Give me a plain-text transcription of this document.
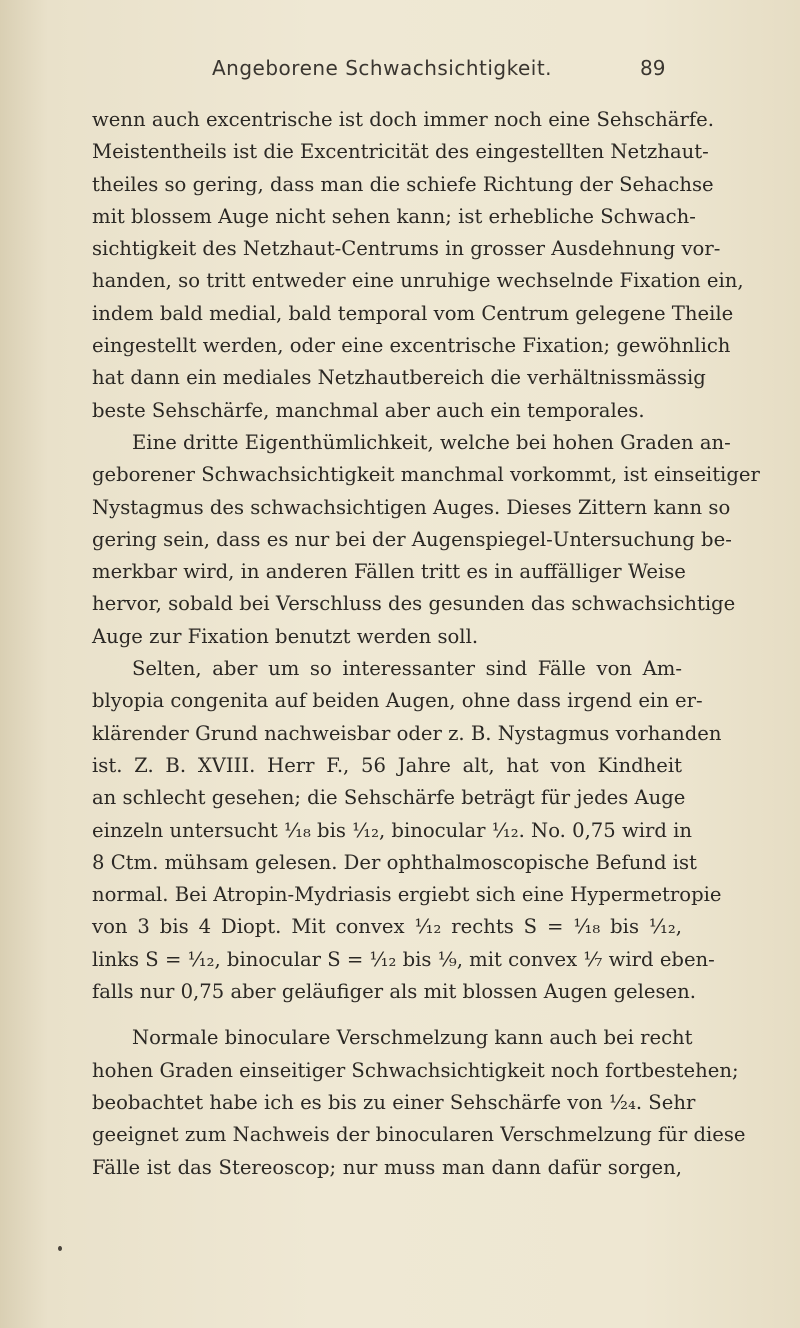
Angeborene Schwachsichtigkeit.	89
wenn auch excentrische ist doch immer noch eine Sehschärfe.
Meistentheils ist die Excentricität des eingestellten Netzhaut-
theiles so gering, dass man die schiefe Richtung der Sehachse
mit blossem Auge nicht sehen kann; ist erhebliche Schwach-
sichtigkeit des Netzhaut-Centrums in grosser Ausdehnung vor-
handen, so tritt entweder eine unruhige wechselnde Fixation ein,
indem bald medial, bald temporal vom Centrum gelegene Theile
eingestellt werden, oder eine excentrische Fixation; gewöhnlich
hat dann ein mediales Netzhautbereich die verhältnissmässig
beste Sehschärfe, manchmal aber auch ein temporales.
Eine dritte Eigenthümlichkeit, welche bei hohen Graden an-
geborener Schwachsichtigkeit manchmal vorkommt, ist einseitiger
Nystagmus des schwachsichtigen Auges. Dieses Zittern kann so
gering sein, dass es nur bei der Augenspiegel-Untersuchung be-
merkbar wird, in anderen Fällen tritt es in auffälliger Weise
hervor, sobald bei Verschluss des gesunden das schwachsichtige
Auge zur Fixation benutzt werden soll.
Selten, aber um so interessanter sind Fälle von Am-
blyopia congenita auf beiden Augen, ohne dass irgend ein er-
klärender Grund nachweisbar oder z. B. Nystagmus vorhanden
ist. Z. B. XVIII. Herr F., 56 Jahre alt, hat von Kindheit
an schlecht gesehen; die Sehschärfe beträgt für jedes Auge
einzeln untersucht ¹⁄₁₈ bis ¹⁄₁₂, binocular ¹⁄₁₂. No. 0,75 wird in
8 Ctm. mühsam gelesen. Der ophthalmoscopische Befund ist
normal. Bei Atropin-Mydriasis ergiebt sich eine Hypermetropie
von 3 bis 4 Diopt. Mit convex ¹⁄₁₂ rechts S = ¹⁄₁₈ bis ¹⁄₁₂,
links S = ¹⁄₁₂, binocular S = ¹⁄₁₂ bis ¹⁄₉, mit convex ¹⁄₇ wird eben-
falls nur 0,75 aber geläufiger als mit blossen Augen gelesen.
Normale binoculare Verschmelzung kann auch bei recht
hohen Graden einseitiger Schwachsichtigkeit noch fortbestehen;
beobachtet habe ich es bis zu einer Sehschärfe von ¹⁄₂₄. Sehr
geeignet zum Nachweis der binocularen Verschmelzung für diese
Fälle ist das Stereoscop; nur muss man dann dafür sorgen,
